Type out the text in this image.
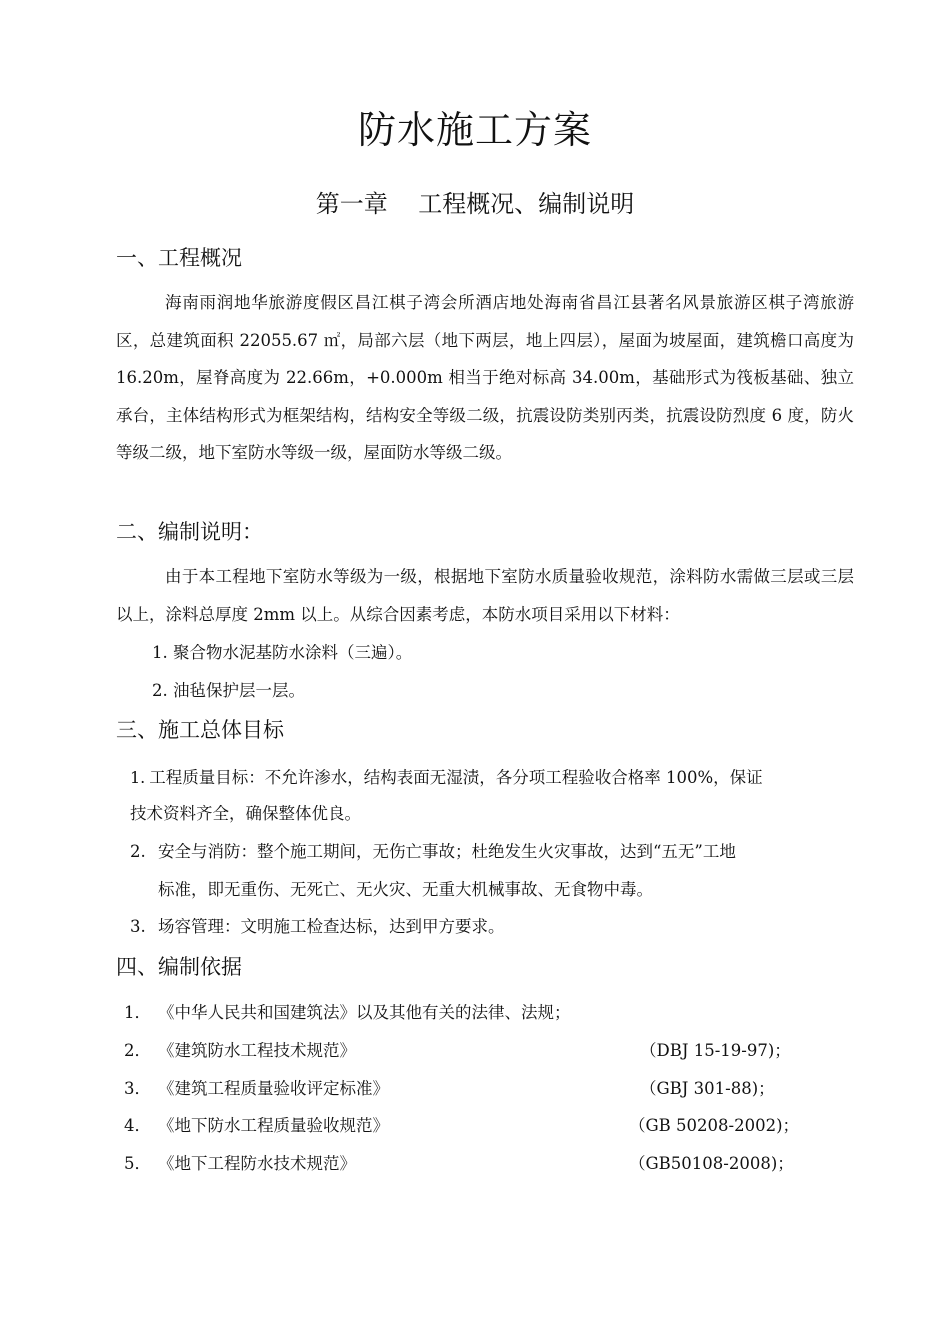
防水施工方案
第一章    工程概况、编制说明
一、工程概况
海南雨润地华旅游度假区昌江棋子湾会所酒店地处海南省昌江县著名风景旅游区棋子湾旅游区，总建筑面积 22055.67 ㎡，局部六层（地下两层，地上四层），屋面为坡屋面，建筑檐口高度为 16.20m，屋脊高度为 22.66m，+0.000m 相当于绝对标高 34.00m，基础形式为筏板基础、独立承台，主体结构形式为框架结构，结构安全等级二级，抗震设防类别丙类，抗震设防烈度 6 度，防火等级二级，地下室防水等级一级，屋面防水等级二级。
二、编制说明：
由于本工程地下室防水等级为一级，根据地下室防水质量验收规范，涂料防水需做三层或三层以上，涂料总厚度 2mm 以上。从综合因素考虑，本防水项目采用以下材料：
1. 聚合物水泥基防水涂料（三遍）。
2. 油毡保护层一层。
三、施工总体目标
1. 工程质量目标：不允许渗水，结构表面无湿渍，各分项工程验收合格率 100%，保证
技术资料齐全，确保整体优良。
2. 安全与消防：整个施工期间，无伤亡事故；杜绝发生火灾事故，达到“五无”工地
标准，即无重伤、无死亡、无火灾、无重大机械事故、无食物中毒。
3. 场容管理：文明施工检查达标，达到甲方要求。
四、编制依据
1． 《中华人民共和国建筑法》以及其他有关的法律、法规；
2． 《建筑防水工程技术规范》	（DBJ 15-19-97)；
3． 《建筑工程质量验收评定标准》	（GBJ 301-88)；
4． 《地下防水工程质量验收规范》	（GB 50208-2002)；
5． 《地下工程防水技术规范》	（GB50108-2008)；
